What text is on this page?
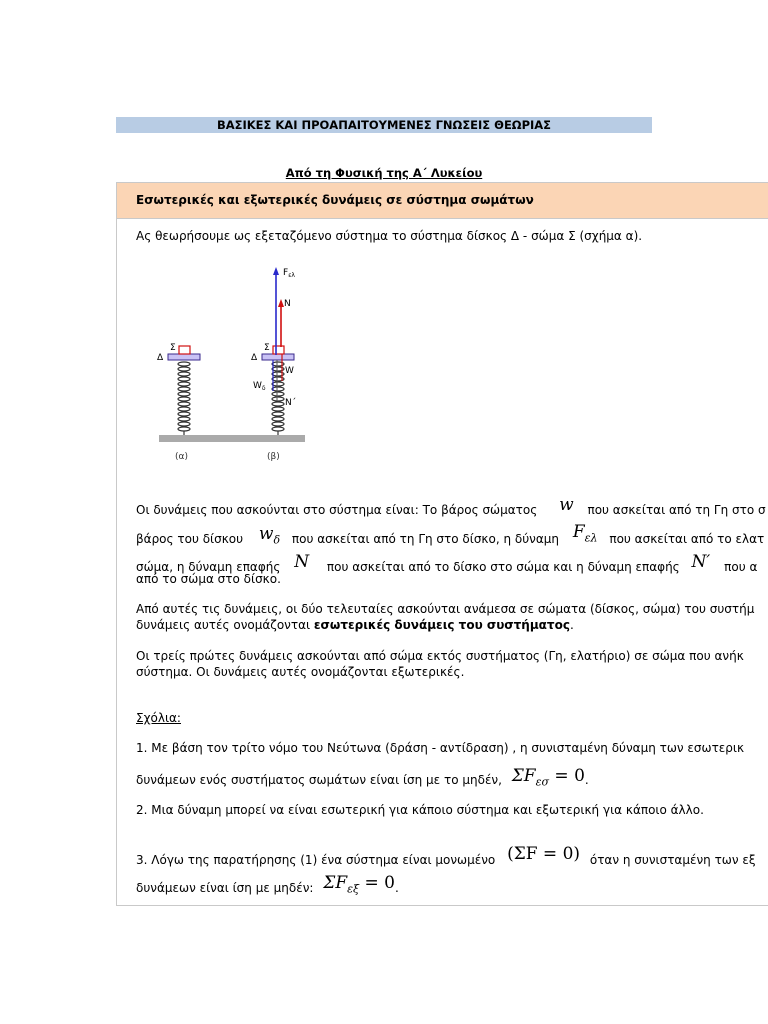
ΒΑΣΙΚΕΣ ΚΑΙ ΠΡΟΑΠΑΙΤΟΥΜΕΝΕΣ ΓΝΩΣΕΙΣ ΘΕΩΡΙΑΣ
Από τη Φυσική της Α΄ Λυκείου
Εσωτερικές και εξωτερικές δυνάμεις σε σύστημα σωμάτων
Ας θεωρήσουμε ως εξεταζόμενο σύστημα το σύστημα δίσκος Δ - σώμα Σ (σχήμα α).
Σ
Δ
Σ
Δ
$F_{\varepsilon\lambda}$
N
W
$W_\delta$
N΄
(α)	(β)
Οι δυνάμεις που ασκούνται στο σύστημα είναι: Το βάρος σώματος w που ασκείται από τη Γη στο σ
βάρος του δίσκου $w_\delta$ που ασκείται από τη Γη στο δίσκο, η δύναμη $F_{\varepsilon\lambda}$ που ασκείται από το ελατ
σώμα, η δύναμη επαφής N που ασκείται από το δίσκο στο σώμα και η δύναμη επαφής N′ που α
από το σώμα στο δίσκο.
Από αυτές τις δυνάμεις, οι δύο τελευταίες ασκούνται ανάμεσα σε σώματα (δίσκος, σώμα) του συστήμ
δυνάμεις αυτές ονομάζονται εσωτερικές δυνάμεις του συστήματος.
Οι τρείς πρώτες δυνάμεις ασκούνται από σώμα εκτός συστήματος (Γη, ελατήριο) σε σώμα που ανήκ
σύστημα. Οι δυνάμεις αυτές ονομάζονται εξωτερικές.
Σχόλια:
1. Με βάση τον τρίτο νόμο του Νεύτωνα (δράση - αντίδραση) , η συνισταμένη δύναμη των εσωτερικ
δυνάμεων ενός συστήματος σωμάτων είναι ίση με το μηδέν, $\Sigma F_{\varepsilon\sigma} = 0$.
2. Μια δύναμη μπορεί να είναι εσωτερική για κάποιο σύστημα και εξωτερική για κάποιο άλλο.
3. Λόγω της παρατήρησης (1) ένα σύστημα είναι μονωμένο (ΣF = 0) όταν η συνισταμένη των εξ
δυνάμεων είναι ίση με μηδέν: $\Sigma F_{\varepsilon\xi} = 0$.
